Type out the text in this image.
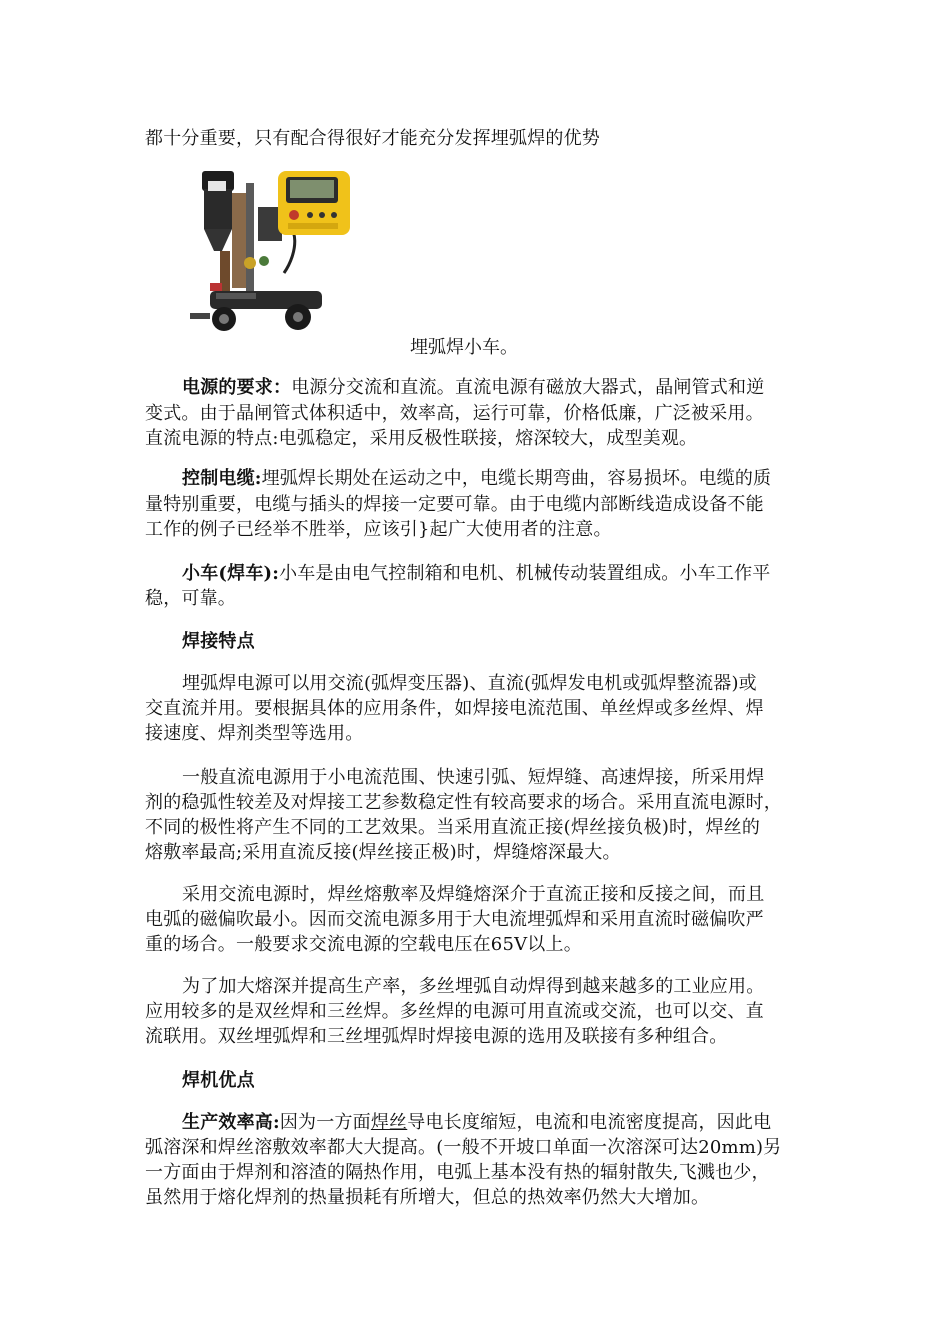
都十分重要，只有配合得很好才能充分发挥埋弧焊的优势
埋弧焊小车。
电源的要求：电源分交流和直流。直流电源有磁放大器式，晶闸管式和逆
变式。由于晶闸管式体积适中，效率高，运行可靠，价格低廉，广泛被采用。
直流电源的特点:电弧稳定，采用反极性联接，熔深较大，成型美观。
控制电缆:埋弧焊长期处在运动之中，电缆长期弯曲，容易损坏。电缆的质
量特别重要，电缆与插头的焊接一定要可靠。由于电缆内部断线造成设备不能
工作的例子已经举不胜举，应该引}起广大使用者的注意。
小车(焊车):小车是由电气控制箱和电机、机械传动装置组成。小车工作平
稳，可靠。
焊接特点
埋弧焊电源可以用交流(弧焊变压器)、直流(弧焊发电机或弧焊整流器)或
交直流并用。要根据具体的应用条件，如焊接电流范围、单丝焊或多丝焊、焊
接速度、焊剂类型等选用。
一般直流电源用于小电流范围、快速引弧、短焊缝、高速焊接，所采用焊
剂的稳弧性较差及对焊接工艺参数稳定性有较高要求的场合。采用直流电源时，
不同的极性将产生不同的工艺效果。当采用直流正接(焊丝接负极)时，焊丝的
熔敷率最高;采用直流反接(焊丝接正极)时，焊缝熔深最大。
采用交流电源时，焊丝熔敷率及焊缝熔深介于直流正接和反接之间，而且
电弧的磁偏吹最小。因而交流电源多用于大电流埋弧焊和采用直流时磁偏吹严
重的场合。一般要求交流电源的空载电压在65V以上。
为了加大熔深并提高生产率，多丝埋弧自动焊得到越来越多的工业应用。
应用较多的是双丝焊和三丝焊。多丝焊的电源可用直流或交流，也可以交、直
流联用。双丝埋弧焊和三丝埋弧焊时焊接电源的选用及联接有多种组合。
焊机优点
生产效率高:因为一方面焊丝导电长度缩短，电流和电流密度提高，因此电
弧溶深和焊丝溶敷效率都大大提高。(一般不开坡口单面一次溶深可达20mm)另
一方面由于焊剂和溶渣的隔热作用，电弧上基本没有热的辐射散失,飞溅也少，
虽然用于熔化焊剂的热量损耗有所增大，但总的热效率仍然大大增加。
